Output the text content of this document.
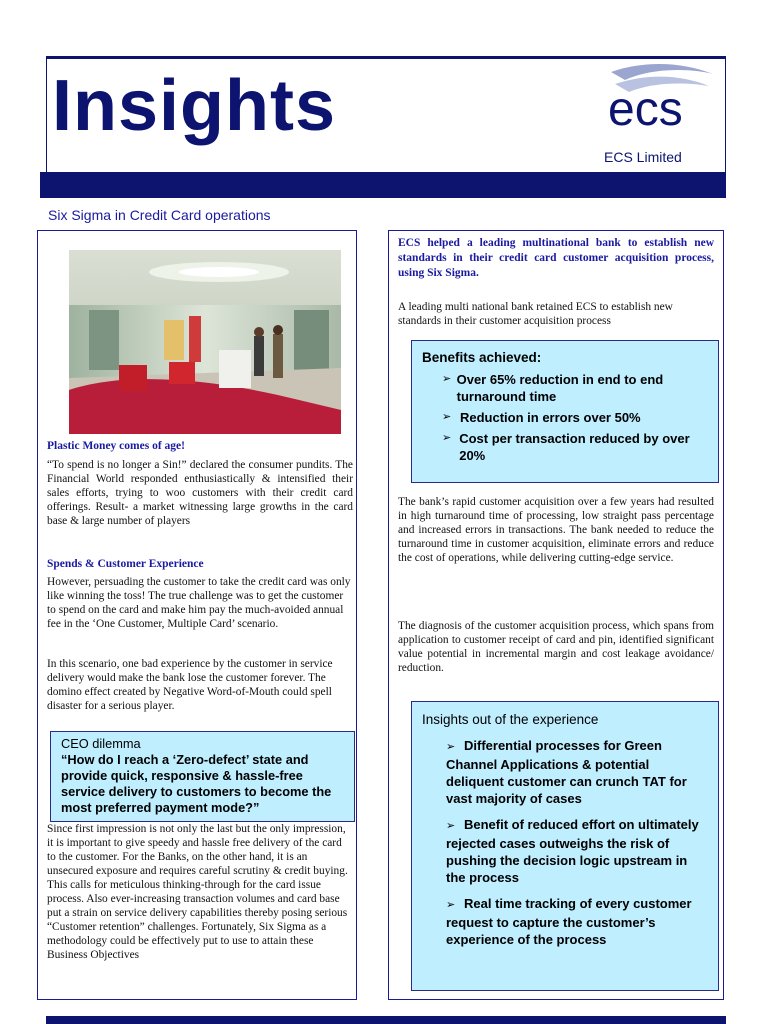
Insights	ecs
ECS Limited
Six Sigma in Credit Card operations
Plastic Money comes of age!
“To spend is no longer a Sin!” declared the consumer pundits. The Financial World responded enthusiastically & intensified their sales efforts, trying to woo customers with their credit card offerings. Result- a market witnessing large growths in the card base & large number of players
Spends & Customer Experience
However, persuading the customer to take the credit card was only like winning the toss! The true challenge was to get the customer to spend on the card and make him pay the much-avoided annual fee in the ‘One Customer, Multiple Card’ scenario.
In this scenario, one bad experience by the customer in service delivery would make the bank lose the customer forever. The domino effect created by Negative Word-of-Mouth could spell disaster for a serious player.
CEO dilemma
“How do I reach a ‘Zero-defect’ state and provide quick, responsive & hassle-free service delivery to customers to become the most preferred payment mode?”
Since first impression is not only the last but the only impression, it is important to give speedy and hassle free delivery of the card to the customer. For the Banks, on the other hand, it is an unsecured exposure and requires careful scrutiny & credit buying. This calls for meticulous thinking-through for the card issue process. Also ever-increasing transaction volumes and card base put a strain on service delivery capabilities thereby posing serious “Customer retention” challenges. Fortunately, Six Sigma as a methodology could be effectively put to use to attain these Business Objectives
ECS helped a leading multinational bank to establish new standards in their credit card customer acquisition process, using Six Sigma.
A leading multi national bank retained ECS to establish new standards in their customer acquisition process
Benefits achieved:
➢ Over 65% reduction in end to end turnaround time
➢ Reduction in errors over 50%
➢ Cost per transaction reduced by over 20%
The bank’s rapid customer acquisition over a few years had resulted in high turnaround time of processing, low straight pass percentage and increased errors in transactions. The bank needed to reduce the turnaround time in customer acquisition, eliminate errors and reduce the cost of operations, while delivering cutting-edge service.
The diagnosis of the customer acquisition process, which spans from application to customer receipt of card and pin, identified significant value potential in incremental margin and cost leakage avoidance/ reduction.
Insights out of the experience
➢ Differential processes for Green Channel Applications & potential deliquent customer can crunch TAT for vast majority of cases
➢ Benefit of reduced effort on ultimately rejected cases outweighs the risk of pushing the decision logic upstream in the process
➢ Real time tracking of every customer request to capture the customer’s experience of the process
